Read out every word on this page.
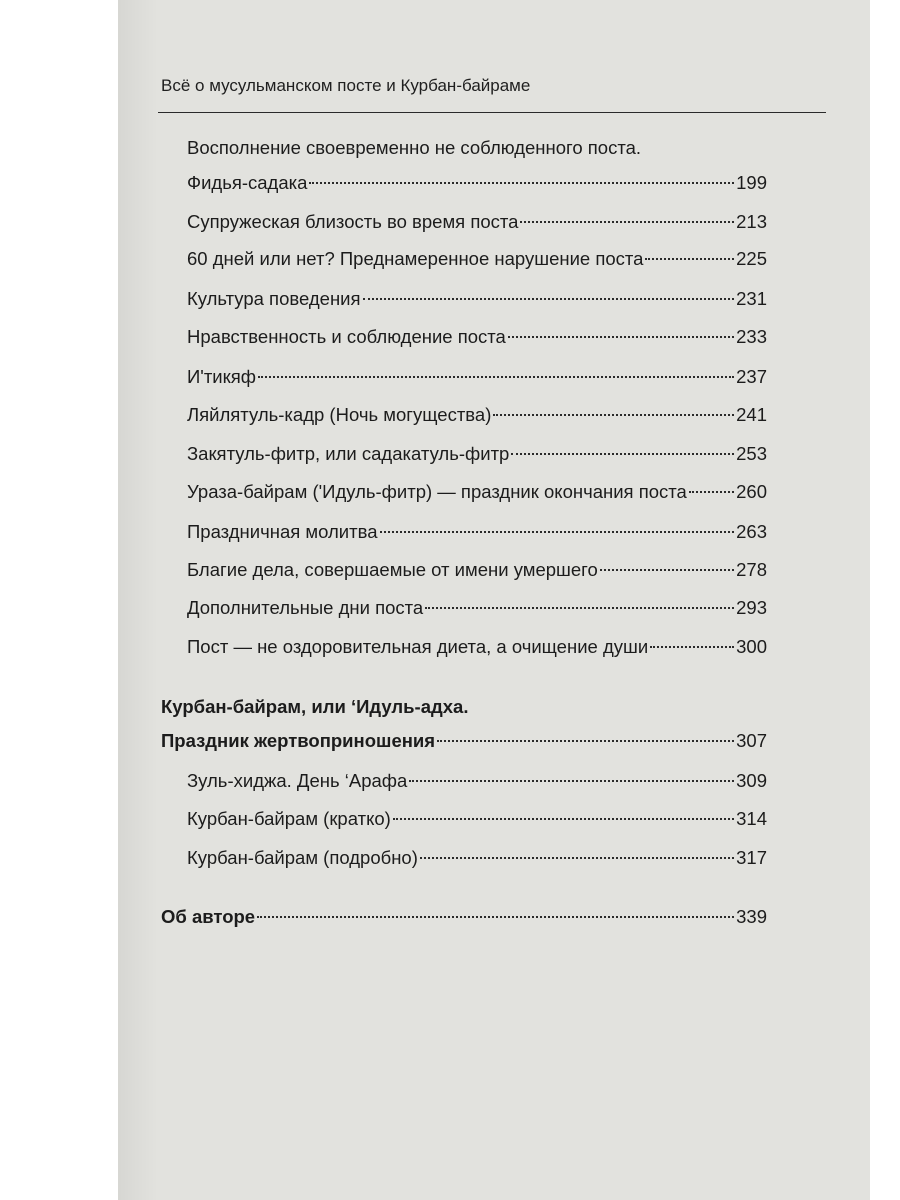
Всё о мусульманском посте и Курбан-байраме
Восполнение своевременно не соблюденного поста.
Фидья-садака	199
Супружеская близость во время поста	213
60 дней или нет? Преднамеренное нарушение поста	225
Культура поведения	231
Нравственность и соблюдение поста	233
И'тикяф	237
Ляйлятуль-кадр (Ночь могущества)	241
Закятуль-фитр, или садакатуль-фитр	253
Ураза-байрам ('Идуль-фитр) — праздник окончания поста	260
Праздничная молитва	263
Благие дела, совершаемые от имени умершего	278
Дополнительные дни поста	293
Пост — не оздоровительная диета, а очищение души	300
Курбан-байрам, или ‘Идуль-адха.
Праздник жертвоприношения	307
Зуль-хиджа. День ‘Арафа	309
Курбан-байрам (кратко)	314
Курбан-байрам (подробно)	317
Об авторе	339
